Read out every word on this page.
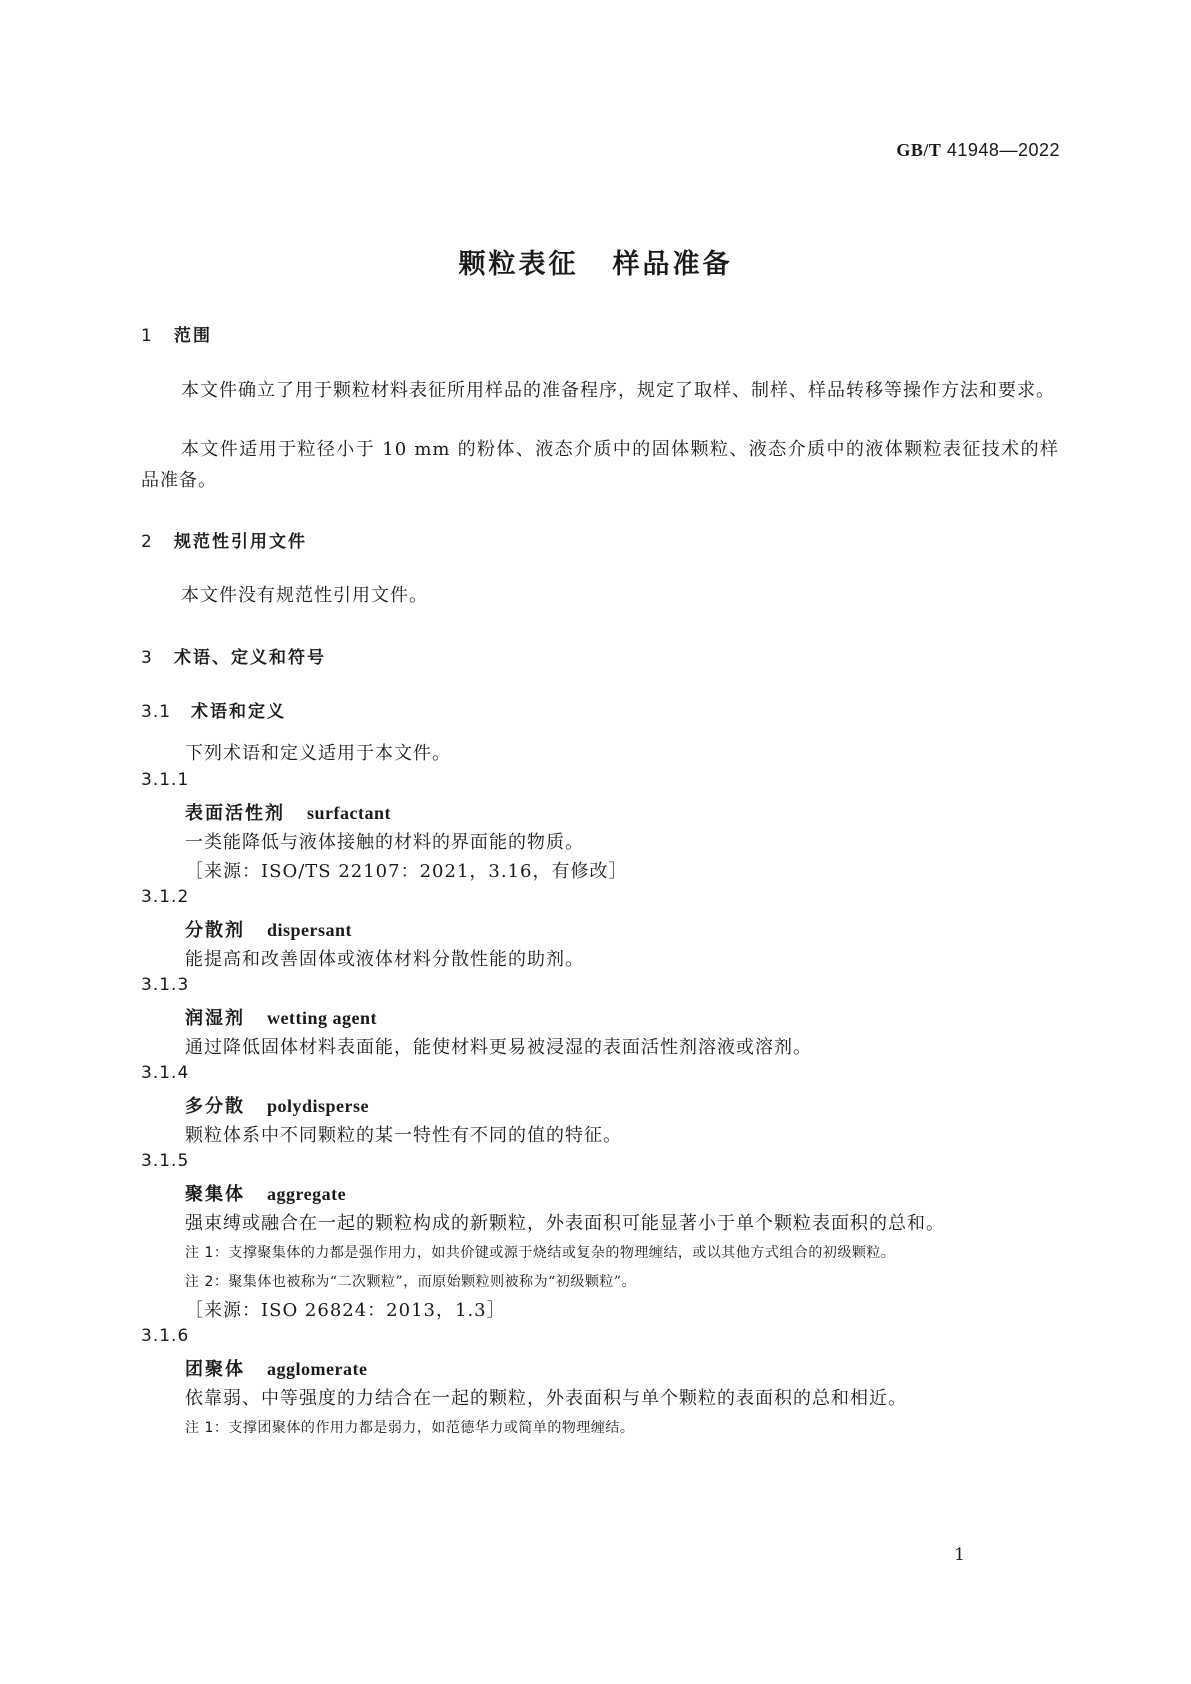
GB/T 41948—2022
颗粒表征 样品准备
1 范围
本文件确立了用于颗粒材料表征所用样品的准备程序，规定了取样、制样、样品转移等操作方法和要求。
本文件适用于粒径小于 10 mm 的粉体、液态介质中的固体颗粒、液态介质中的液体颗粒表征技术的样品准备。
2 规范性引用文件
本文件没有规范性引用文件。
3 术语、定义和符号
3.1 术语和定义
下列术语和定义适用于本文件。
3.1.1
表面活性剂 surfactant
一类能降低与液体接触的材料的界面能的物质。
［来源：ISO/TS 22107：2021，3.16，有修改］
3.1.2
分散剂 dispersant
能提高和改善固体或液体材料分散性能的助剂。
3.1.3
润湿剂 wetting agent
通过降低固体材料表面能，能使材料更易被浸湿的表面活性剂溶液或溶剂。
3.1.4
多分散 polydisperse
颗粒体系中不同颗粒的某一特性有不同的值的特征。
3.1.5
聚集体 aggregate
强束缚或融合在一起的颗粒构成的新颗粒，外表面积可能显著小于单个颗粒表面积的总和。
注 1：支撑聚集体的力都是强作用力，如共价键或源于烧结或复杂的物理缠结，或以其他方式组合的初级颗粒。
注 2：聚集体也被称为“二次颗粒”，而原始颗粒则被称为“初级颗粒”。
［来源：ISO 26824：2013，1.3］
3.1.6
团聚体 agglomerate
依靠弱、中等强度的力结合在一起的颗粒，外表面积与单个颗粒的表面积的总和相近。
注 1：支撑团聚体的作用力都是弱力，如范德华力或简单的物理缠结。
1
